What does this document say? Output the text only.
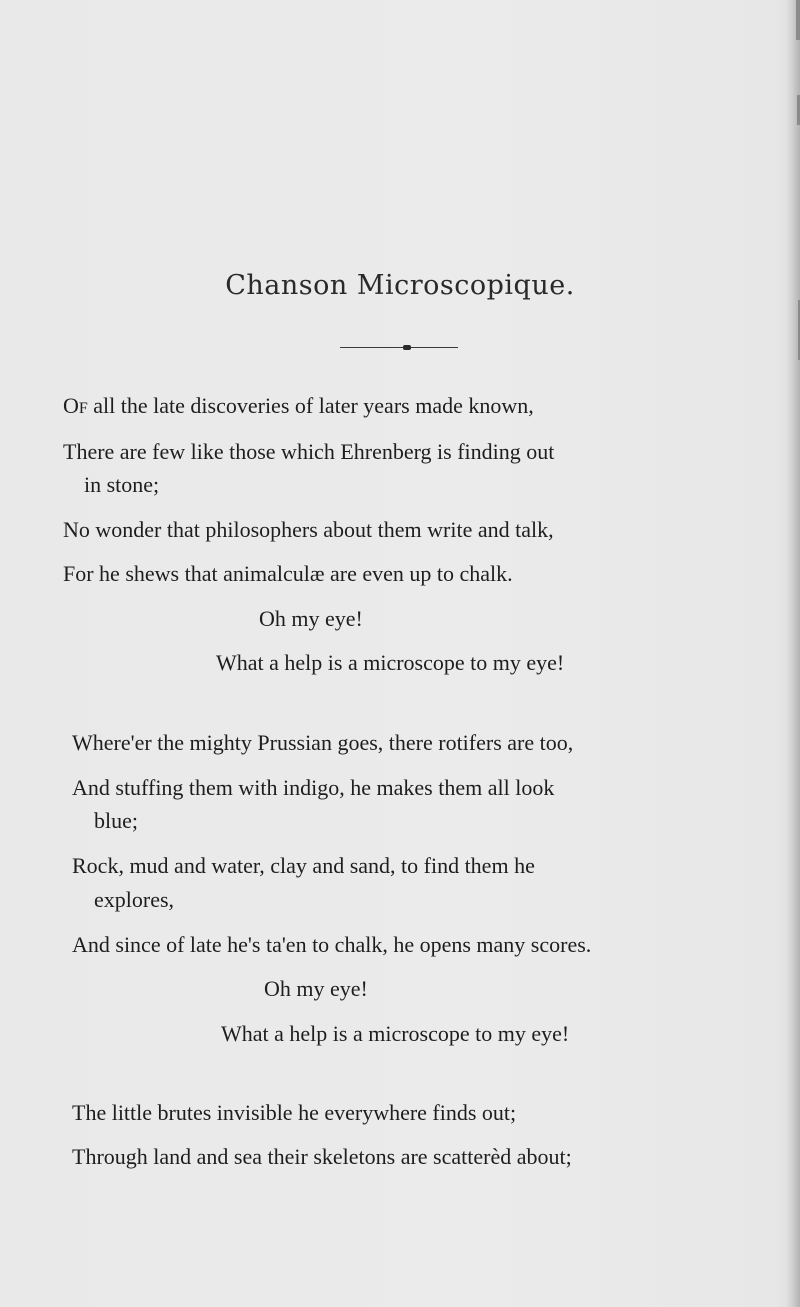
Chanson Microscopique.
OF all the late discoveries of later years made known,
There are few like those which Ehrenberg is finding out
in stone;
No wonder that philosophers about them write and talk,
For he shews that animalculæ are even up to chalk.
Oh my eye!
What a help is a microscope to my eye!
Where'er the mighty Prussian goes, there rotifers are too,
And stuffing them with indigo, he makes them all look
blue;
Rock, mud and water, clay and sand, to find them he
explores,
And since of late he's ta'en to chalk, he opens many scores.
Oh my eye!
What a help is a microscope to my eye!
The little brutes invisible he everywhere finds out;
Through land and sea their skeletons are scatterèd about;
